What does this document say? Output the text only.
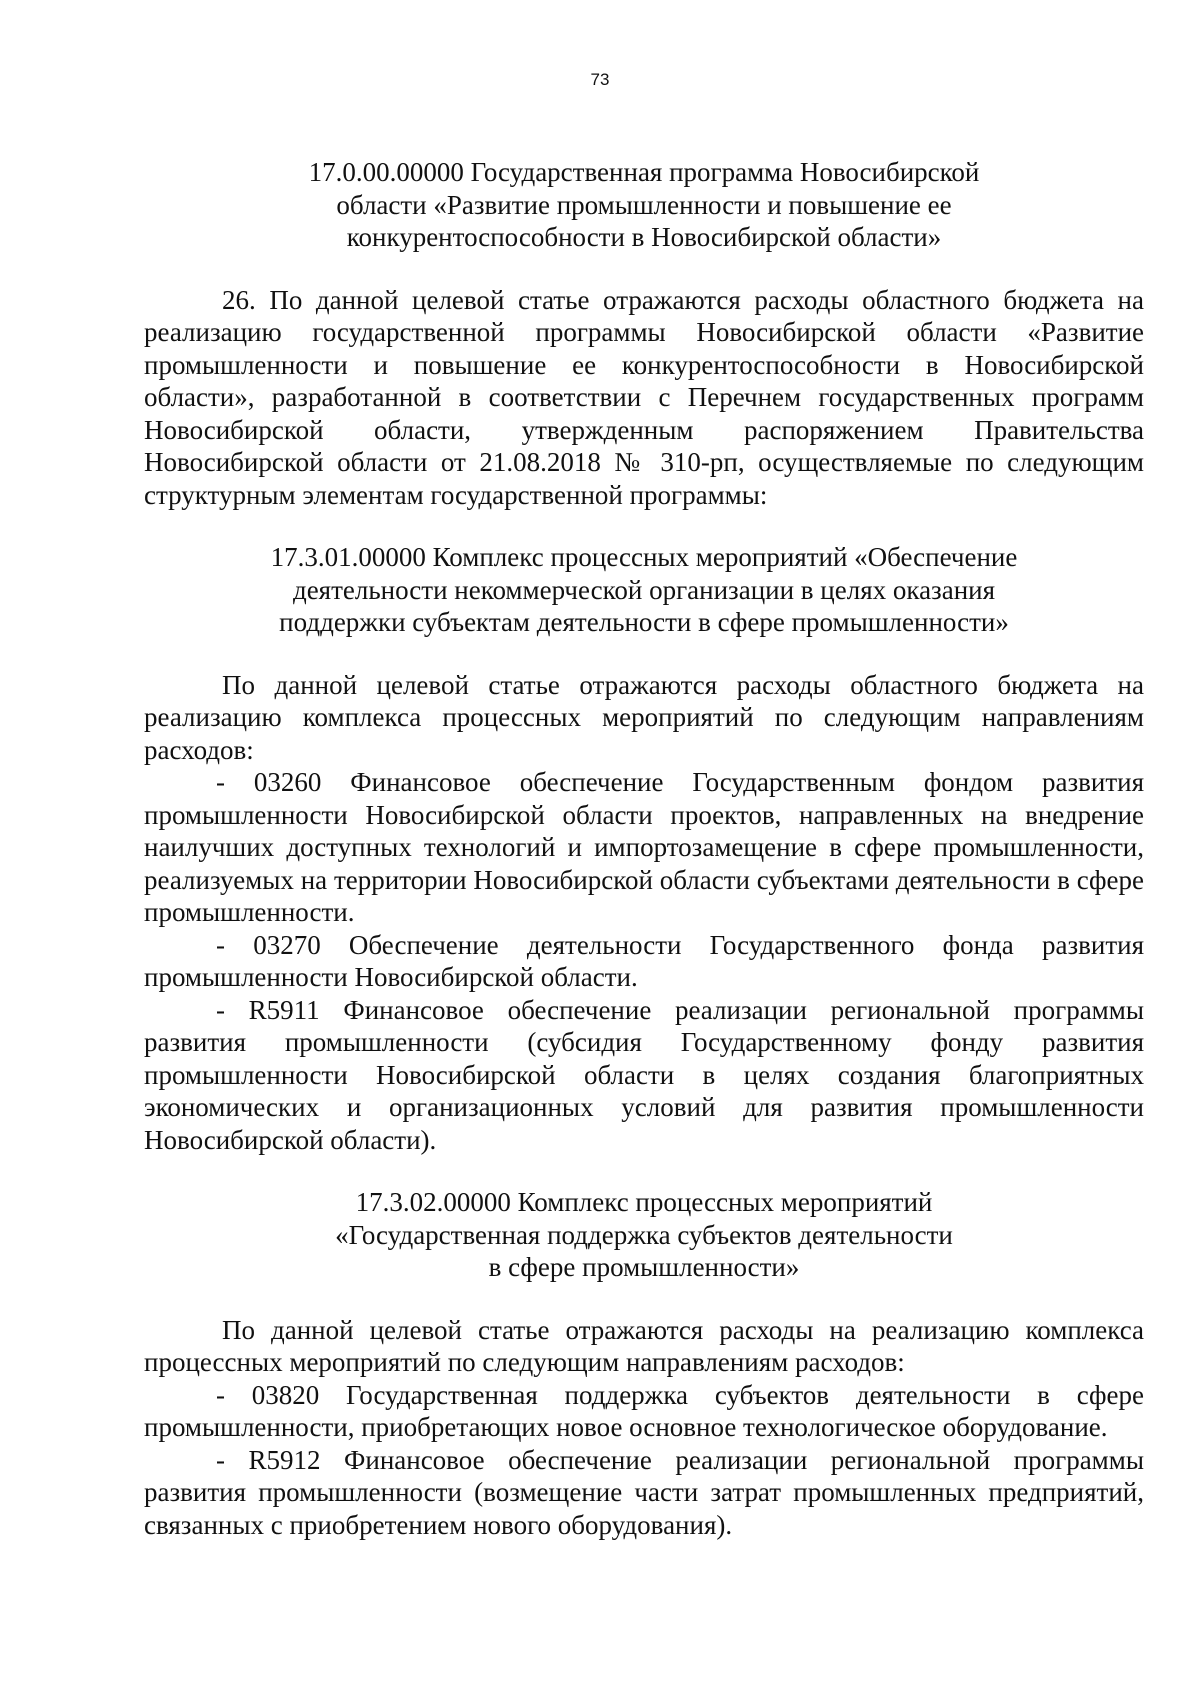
73
17.0.00.00000 Государственная программа Новосибирской
области «Развитие промышленности и повышение ее
конкурентоспособности в Новосибирской области»

26. По данной целевой статье отражаются расходы областного бюджета на реализацию государственной программы Новосибирской области «Развитие промышленности и повышение ее конкурентоспособности в Новосибирской области», разработанной в соответствии с Перечнем государственных программ Новосибирской области, утвержденным распоряжением Правительства Новосибирской области от 21.08.2018 № 310-рп, осуществляемые по следующим структурным элементам государственной программы:

17.3.01.00000 Комплекс процессных мероприятий «Обеспечение
деятельности некоммерческой организации в целях оказания
поддержки субъектам деятельности в сфере промышленности»

По данной целевой статье отражаются расходы областного бюджета на реализацию комплекса процессных мероприятий по следующим направлениям расходов:

- 03260 Финансовое обеспечение Государственным фондом развития промышленности Новосибирской области проектов, направленных на внедрение наилучших доступных технологий и импортозамещение в сфере промышленности, реализуемых на территории Новосибирской области субъектами деятельности в сфере промышленности.

- 03270 Обеспечение деятельности Государственного фонда развития промышленности Новосибирской области.

- R5911 Финансовое обеспечение реализации региональной программы развития промышленности (субсидия Государственному фонду развития промышленности Новосибирской области в целях создания благоприятных экономических и организационных условий для развития промышленности Новосибирской области).

17.3.02.00000 Комплекс процессных мероприятий
«Государственная поддержка субъектов деятельности
в сфере промышленности»

По данной целевой статье отражаются расходы на реализацию комплекса процессных мероприятий по следующим направлениям расходов:

- 03820 Государственная поддержка субъектов деятельности в сфере промышленности, приобретающих новое основное технологическое оборудование.

- R5912 Финансовое обеспечение реализации региональной программы развития промышленности (возмещение части затрат промышленных предприятий, связанных с приобретением нового оборудования).
